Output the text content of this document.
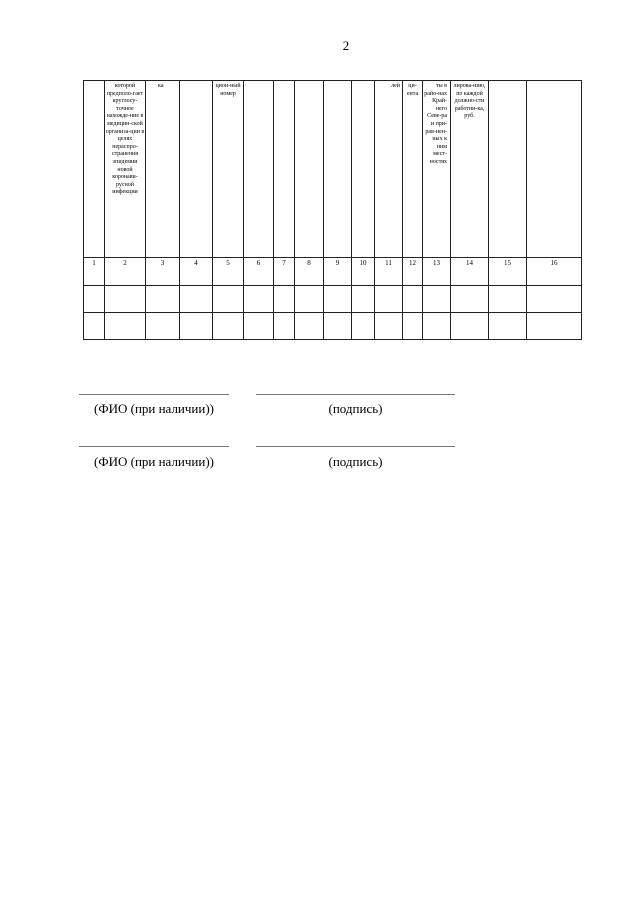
2
	которой предполо-гает круглосу-точное нахожде-ние в медицин-ской организа-ции в целях нераспро-странения эпидемии новой коронави-русной инфекции	ка		цион-ный номер						лей	ци-ента	ты в райо-нах Край-него Севе-ра и при-рав-нен-ных к ним мест-ностях	лирова-нию, по каждой должно-сти работни-ка, руб.		
1	2	3	4	5	6	7	8	9	10	11	12	13	14	15	16

(ФИО (при наличии))	(подпись)
(ФИО (при наличии))	(подпись)
